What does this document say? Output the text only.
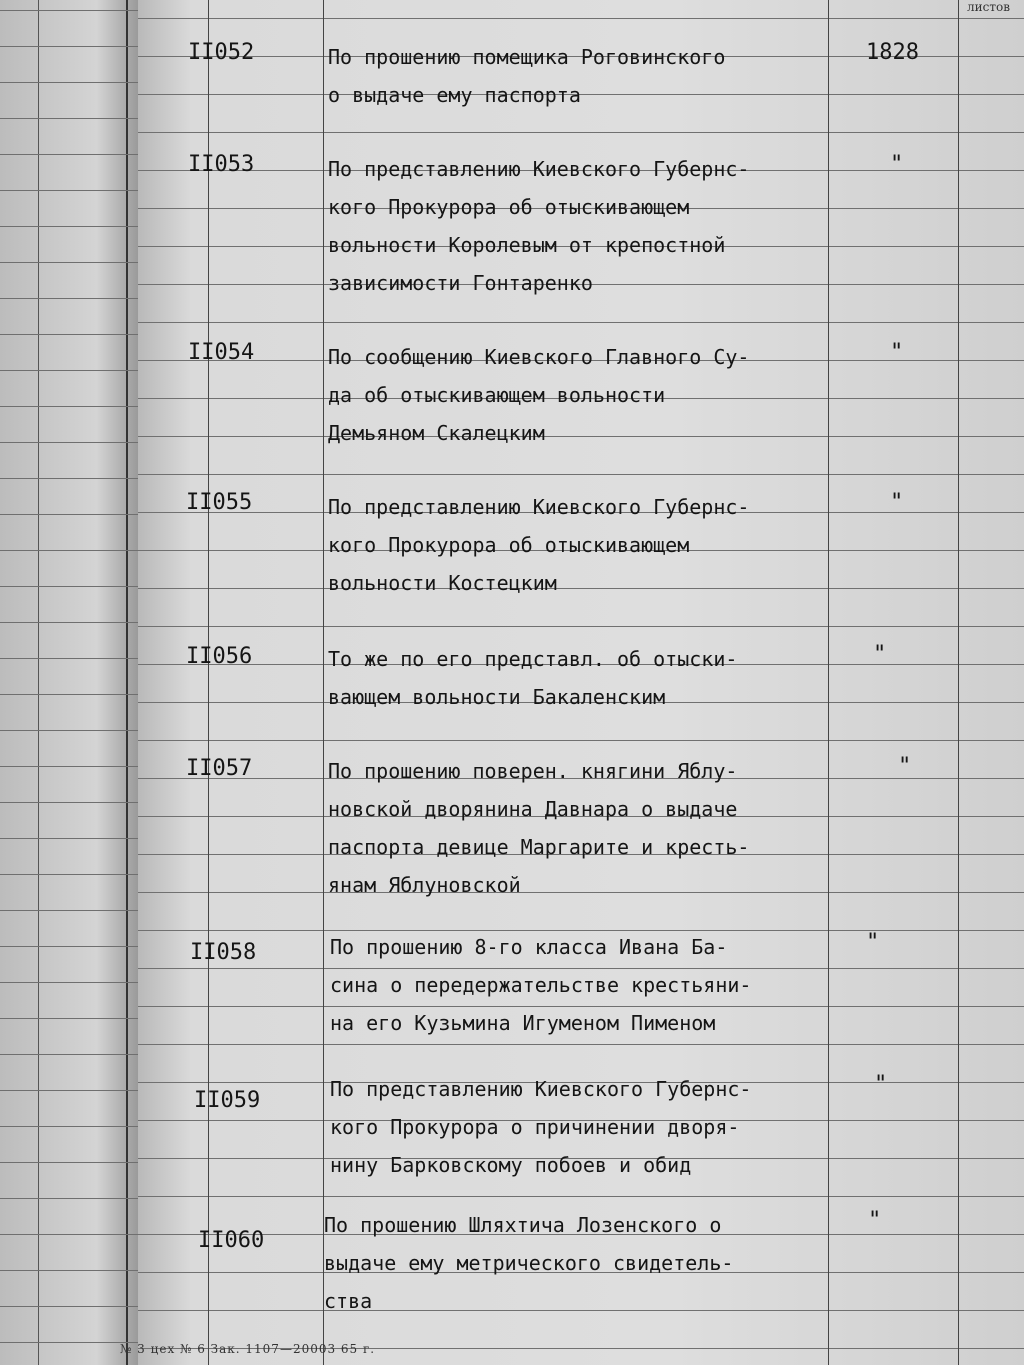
листов
II052	По прошению помещика Роговинского
о выдаче ему паспорта
1828
II053	По представлению Киевского Губернс-
кого Прокурора об отыскивающем
вольности Королевым от крепостной
зависимости Гонтаренко
"
II054	По сообщению Киевского Главного Су-
да об отыскивающем вольности
Демьяном Скалецким
"
II055	По представлению Киевского Губернс-
кого Прокурора об отыскивающем
вольности Костецким
"
II056	То же по его представл. об отыски-
вающем вольности Бакаленским
"
II057	По прошению поверен. княгини Яблу-
новской дворянина Давнара о выдаче
паспорта девице Маргарите и кресть-
янам Яблуновской
"
II058	По прошению 8-го класса Ивана Ба-
сина о передержательстве крестьяни-
на его Кузьмина Игуменом Пименом
"
II059	По представлению Киевского Губернс-
кого Прокурора о причинении дворя-
нину Барковскому побоев и обид
"
II060
По прошению Шляхтича Лозенского о
выдаче ему метрического свидетель-
ства
"
№ 3 цех № 6 Зак. 1107—20003 65 г.
